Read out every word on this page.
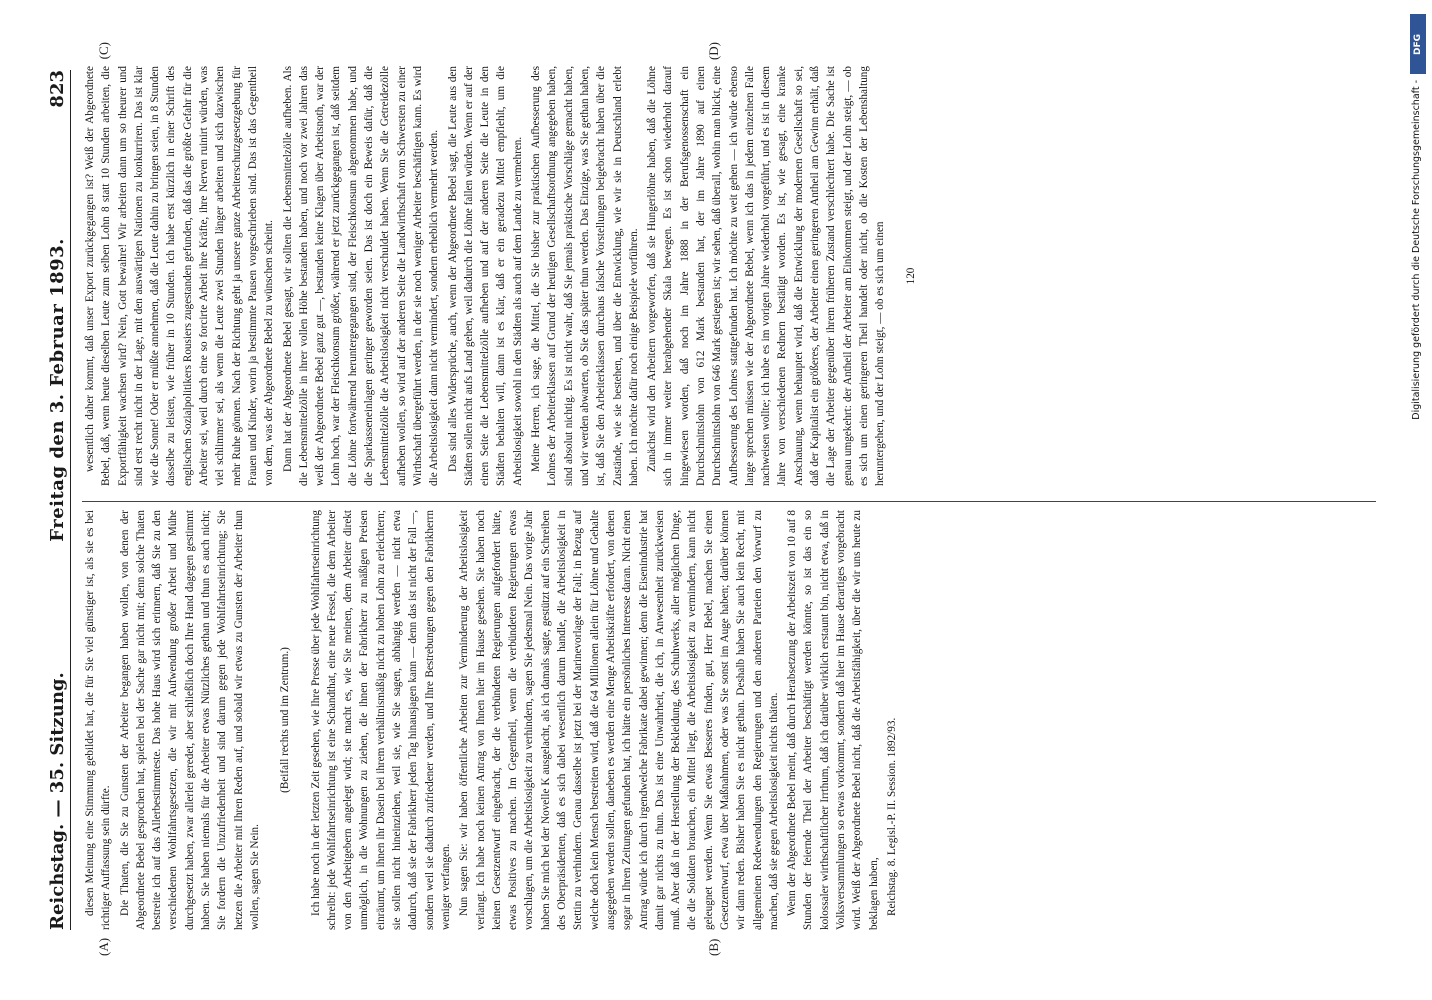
Reichstag. — 35. Sitzung.
Freitag den 3. Februar 1893.
823
(A)	(B)
(C)	(D)

diesen Meinung eine Stimmung gebildet hat, die für Sie viel günstiger ist, als sie es bei richtiger Auffassung sein dürfte. Die Thaten, die Sie zu Gunsten der Arbeiter begangen haben wollen, von denen der Abgeordnete Bebel gesprochen hat, spielen bei der Sache gar nicht mit; denn solche Thaten bestreite ich auf das Allerbestimmteste. Das hohe Haus wird sich erinnern, daß Sie zu den verschiedenen Wohlfahrtsgesetzen, die wir mit Aufwendung großer Arbeit und Mühe durchgesetzt haben, zwar allerlei geredet, aber schließlich doch Ihre Hand dagegen gestimmt haben. Sie haben niemals für die Arbeiter etwas Nützliches gethan und thun es auch nicht; Sie fordern die Unzufriedenheit und sind darum gegen jede Wohlfahrtseinrichtung; Sie hetzen die Arbeiter mit Ihren Reden auf, und sobald wir etwas zu Gunsten der Arbeiter thun wollen, sagen Sie Nein.

(Beifall rechts und im Zentrum.) Ich habe noch in der letzten Zeit gesehen, wie Ihre Presse über jede Wohlfahrtseinrichtung schreibt: jede Wohlfahrtseinrichtung ist eine Schandthat, eine neue Fessel, die dem Arbeiter von den Arbeitgebern angelegt wird; sie macht es, wie Sie meinen, dem Arbeiter direkt unmöglich, in die Wohnungen zu ziehen, die ihnen der Fabrikherr zu mäßigen Preisen einräumt, um ihnen ihr Dasein bei ihrem verhältnismäßig nicht zu hohen Lohn zu erleichtern; sie sollen nicht hineinziehen, weil sie, wie Sie sagen, abhängig werden — nicht etwa dadurch, daß sie der Fabrikherr jeden Tag hinausjagen kann — denn das ist nicht der Fall —, sondern weil sie dadurch zufriedener werden, und Ihre Bestrebungen gegen den Fabrikherrn weniger verfangen. Nun sagen Sie: wir haben öffentliche Arbeiten zur Verminderung der Arbeitslosigkeit verlangt. Ich habe noch keinen Antrag von Ihnen hier im Hause gesehen. Sie haben noch keinen Gesetzentwurf eingebracht, der die verbündeten Regierungen aufgefordert hätte, etwas Positives zu machen. Im Gegentheil, wenn die verbündeten Regierungen etwas vorschlagen, um die Arbeitslosigkeit zu verhindern, sagen Sie jedesmal Nein. Das vorige Jahr haben Sie mich bei der Novelle K ausgelacht, als ich damals sagte, gestützt auf ein Schreiben des Oberpräsidenten, daß es sich dabei wesentlich darum handle, die Arbeitslosigkeit in Stettin zu verhindern. Genau dasselbe ist jetzt bei der Marinevorlage der Fall; in Bezug auf welche doch kein Mensch bestreiten wird, daß die 64 Millionen allein für Löhne und Gehalte ausgegeben werden sollen, daneben es werden eine Menge Arbeitskräfte erfordert, von denen sogar in Ihren Zeitungen gefunden hat, ich hätte ein persönliches Interesse daran. Nicht einen Antrag würde ich durch irgendwelche Fabrikate dabei gewinnen; denn die Eisenindustrie hat damit gar nichts zu thun. Das ist eine Unwahrheit, die ich, in Anwesenheit zurückweisen muß. Aber daß in der Herstellung der Bekleidung, des Schuhwerks, aller möglichen Dinge, die die Soldaten brauchen, ein Mittel liegt, die Arbeitslosigkeit zu vermindern, kann nicht geleugnet werden. Wenn Sie etwas Besseres finden, gut, Herr Bebel, machen Sie einen Gesetzentwurf, etwa über Maßnahmen, oder was Sie sonst im Auge haben; darüber können wir dann reden. Bisher haben Sie es nicht gethan. Deshalb haben Sie auch kein Recht, mit allgemeinen Redewendungen den Regierungen und den anderen Parteien den Vorwurf zu machen, daß sie gegen Arbeitslosigkeit nichts thäten. Wenn der Abgeordnete Bebel meint, daß durch Herabsetzung der Arbeitszeit von 10 auf 8 Stunden der feiernde Theil der Arbeiter beschäftigt werden könnte, so ist das ein so kolossaler wirthschaftlicher Irrthum, daß ich darüber wirklich erstaunt bin, nicht etwa, daß in Volksversammlungen so etwas vorkommt, sondern daß hier im Hause derartiges vorgebracht wird. Weiß der Abgeordnete Bebel nicht, daß die Arbeitsfähigkeit, über die wir uns heute zu beklagen haben, Reichstag. 8. Legisl.-P. II. Session. 1892/93.

wesentlich daher kommt, daß unser Export zurückgegangen ist? Weiß der Abgeordnete Bebel, daß, wenn heute dieselben Leute zum selben Lohn 8 statt 10 Stunden arbeiten, die Exportfähigkeit wachsen wird? Nein, Gott bewahre! Wir arbeiten dann um so theurer und sind erst recht nicht in der Lage, mit den auswärtigen Nationen zu konkurriren. Das ist klar wie die Sonne! Oder er müßte annehmen, daß die Leute dahin zu bringen seien, in 8 Stunden dasselbe zu leisten, wie früher in 10 Stunden. Ich habe erst kürzlich in einer Schrift des englischen Sozialpolitikers Rousiers zugestanden gefunden, daß das die größte Gefahr für die Arbeiter sei, weil durch eine so forcirte Arbeit ihre Kräfte, ihre Nerven ruinirt würden, was viel schlimmer sei, als wenn die Leute zwei Stunden länger arbeiten und sich dazwischen mehr Ruhe gönnen. Nach der Richtung geht ja unsere ganze Arbeiterschutzgesetzgebung für Frauen und Kinder, worin ja bestimmte Pausen vorgeschrieben sind. Das ist das Gegentheil von dem, was der Abgeordnete Bebel zu wünschen scheint. Dann hat der Abgeordnete Bebel gesagt, wir sollten die Lebensmittelzölle aufheben. Als die Lebensmittelzölle in ihrer vollen Höhe bestanden haben, und noch vor zwei Jahren das weiß der Abgeordnete Bebel ganz gut —, bestanden keine Klagen über Arbeitsnoth, war der Lohn hoch, war der Fleischkonsum größer, während er jetzt zurückgegangen ist, daß seitdem die Löhne fortwährend heruntergegangen sind, der Fleischkonsum abgenommen habe, und die Sparkasseneinlagen geringer geworden seien. Das ist doch ein Beweis dafür, daß die Lebensmittelzölle die Arbeitslosigkeit nicht verschuldet haben. Wenn Sie die Getreidezölle aufheben wollen, so wird auf der anderen Seite die Landwirthschaft vom Schwersten zu einer Wirthschaft übergeführt werden, in der sie noch weniger Arbeiter beschäftigen kann. Es wird die Arbeitslosigkeit dann nicht vermindert, sondern erheblich vermehrt werden. Das sind alles Widersprüche, auch, wenn der Abgeordnete Bebel sagt, die Leute aus den Städten sollen nicht aufs Land gehen, weil dadurch die Löhne fallen würden. Wenn er auf der einen Seite die Lebensmittelzölle aufheben und auf der anderen Seite die Leute in den Städten behalten will, dann ist es klar, daß er ein geradezu Mittel empfiehlt, um die Arbeitslosigkeit sowohl in den Städten als auch auf dem Lande zu vermehren. Meine Herren, ich sage, die Mittel, die Sie bisher zur praktischen Aufbesserung des Lohnes der Arbeiterklassen auf Grund der heutigen Gesellschaftsordnung angegeben haben, sind absolut nichtig. Es ist nicht wahr, daß Sie jemals praktische Vorschläge gemacht haben, und wir werden abwarten, ob Sie das später thun werden. Das Einzige, was Sie gethan haben, ist, daß Sie den Arbeiterklassen durchaus falsche Vorstellungen beigebracht haben über die Zustände, wie sie bestehen, und über die Entwicklung, wie wir sie in Deutschland erlebt haben. Ich möchte dafür noch einige Beispiele vorführen. Zunächst wird den Arbeitern vorgeworfen, daß sie Hungerlöhne haben, daß die Löhne sich in immer weiter herabgehender Skala bewegen. Es ist schon wiederholt darauf hingewiesen worden, daß noch im Jahre 1888 in der Berufsgenossenschaft ein Durchschnittslohn von 612 Mark bestanden hat, der im Jahre 1890 auf einen Durchschnittslohn von 646 Mark gestiegen ist; wir sehen, daß überall, wohin man blickt, eine Aufbesserung des Lohnes stattgefunden hat. Ich möchte zu weit gehen — ich würde ebenso lange sprechen müssen wie der Abgeordnete Bebel, wenn ich das in jedem einzelnen Falle nachweisen wollte; ich habe es im vorigen Jahre wiederholt vorgeführt, und es ist in diesem Jahre von verschiedenen Rednern bestätigt worden. Es ist, wie gesagt, eine kranke Anschauung, wenn behauptet wird, daß die Entwicklung der modernen Gesellschaft so sei, daß der Kapitalist ein größeres, der Arbeiter einen geringeren Antheil am Gewinn erhält, daß die Lage der Arbeiter gegenüber ihrem früheren Zustand verschlechtert habe. Die Sache ist genau umgekehrt: der Antheil der Arbeiter am Einkommen steigt, und der Lohn steigt, — ob es sich um einen geringeren Theil handelt oder nicht, ob die Kosten der Lebenshaltung heruntergehen, und der Lohn steigt, — ob es sich um einen 120

DFG
Digitalisierung gefördert durch die Deutsche Forschungsgemeinschaft -
